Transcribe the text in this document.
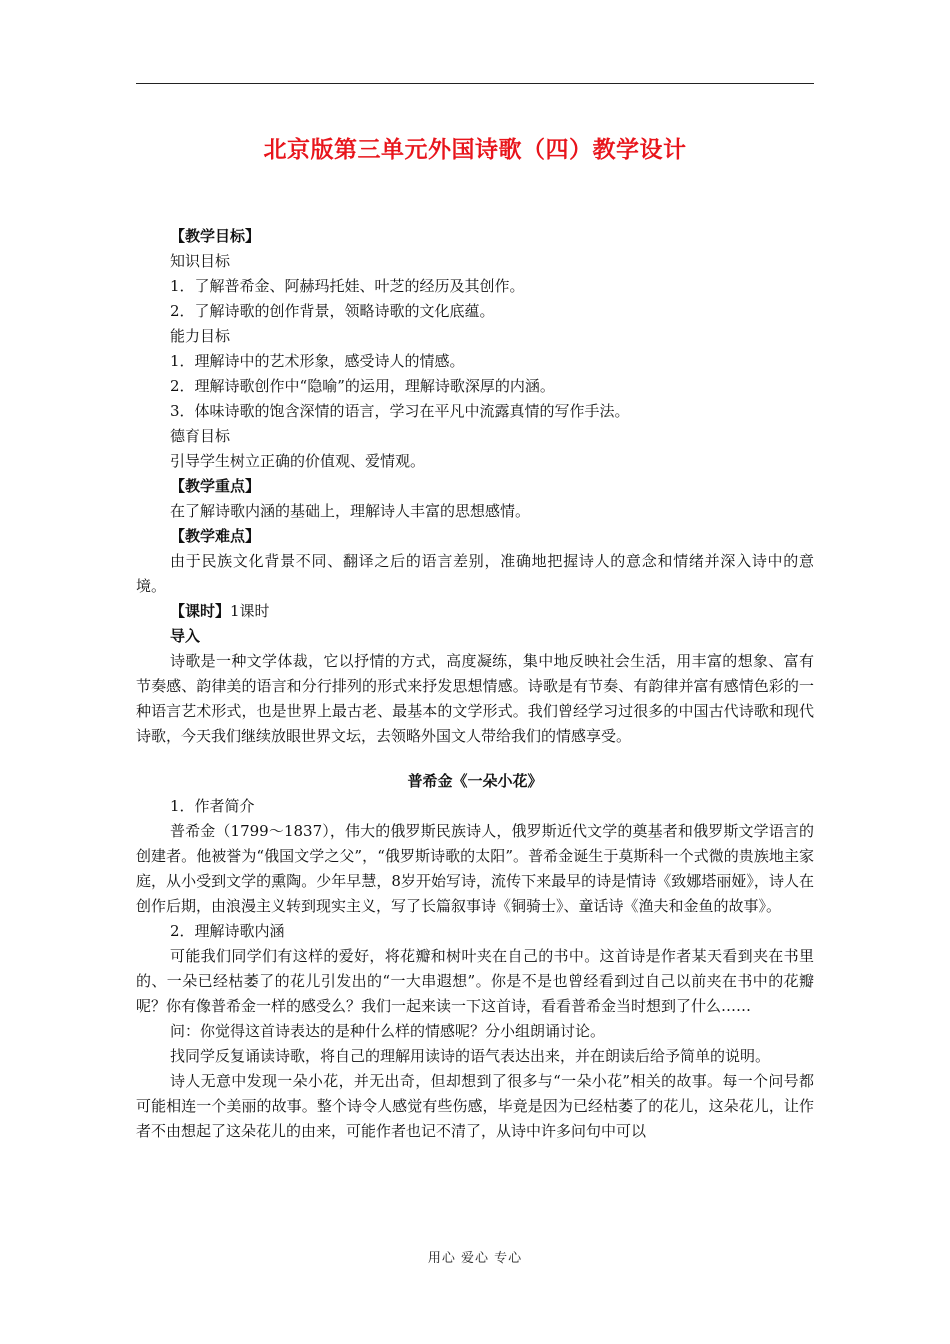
北京版第三单元外国诗歌（四）教学设计

【教学目标】

知识目标

1．了解普希金、阿赫玛托娃、叶芝的经历及其创作。

2．了解诗歌的创作背景，领略诗歌的文化底蕴。

能力目标

1．理解诗中的艺术形象，感受诗人的情感。

2．理解诗歌创作中“隐喻”的运用，理解诗歌深厚的内涵。

3．体味诗歌的饱含深情的语言，学习在平凡中流露真情的写作手法。

德育目标

引导学生树立正确的价值观、爱情观。

【教学重点】

在了解诗歌内涵的基础上，理解诗人丰富的思想感情。

【教学难点】

由于民族文化背景不同、翻译之后的语言差别，准确地把握诗人的意念和情绪并深入诗中的意境。

【课时】1课时

导入

诗歌是一种文学体裁，它以抒情的方式，高度凝练，集中地反映社会生活，用丰富的想象、富有节奏感、韵律美的语言和分行排列的形式来抒发思想情感。诗歌是有节奏、有韵律并富有感情色彩的一种语言艺术形式，也是世界上最古老、最基本的文学形式。我们曾经学习过很多的中国古代诗歌和现代诗歌，今天我们继续放眼世界文坛，去领略外国文人带给我们的情感享受。

普希金《一朵小花》

1．作者简介

普希金（1799～1837），伟大的俄罗斯民族诗人，俄罗斯近代文学的奠基者和俄罗斯文学语言的创建者。他被誉为“俄国文学之父”，“俄罗斯诗歌的太阳”。普希金诞生于莫斯科一个式微的贵族地主家庭，从小受到文学的熏陶。少年早慧，8岁开始写诗，流传下来最早的诗是情诗《致娜塔丽娅》，诗人在创作后期，由浪漫主义转到现实主义，写了长篇叙事诗《铜骑士》、童话诗《渔夫和金鱼的故事》。

2．理解诗歌内涵

可能我们同学们有这样的爱好，将花瓣和树叶夹在自己的书中。这首诗是作者某天看到夹在书里的、一朵已经枯萎了的花儿引发出的“一大串遐想”。你是不是也曾经看到过自己以前夹在书中的花瓣呢？你有像普希金一样的感受么？我们一起来读一下这首诗，看看普希金当时想到了什么……

问：你觉得这首诗表达的是种什么样的情感呢？分小组朗诵讨论。

找同学反复诵读诗歌，将自己的理解用读诗的语气表达出来，并在朗读后给予简单的说明。

诗人无意中发现一朵小花，并无出奇，但却想到了很多与“一朵小花”相关的故事。每一个问号都可能相连一个美丽的故事。整个诗令人感觉有些伤感，毕竟是因为已经枯萎了的花儿，这朵花儿，让作者不由想起了这朵花儿的由来，可能作者也记不清了，从诗中许多问句中可以

用心 爱心 专心
